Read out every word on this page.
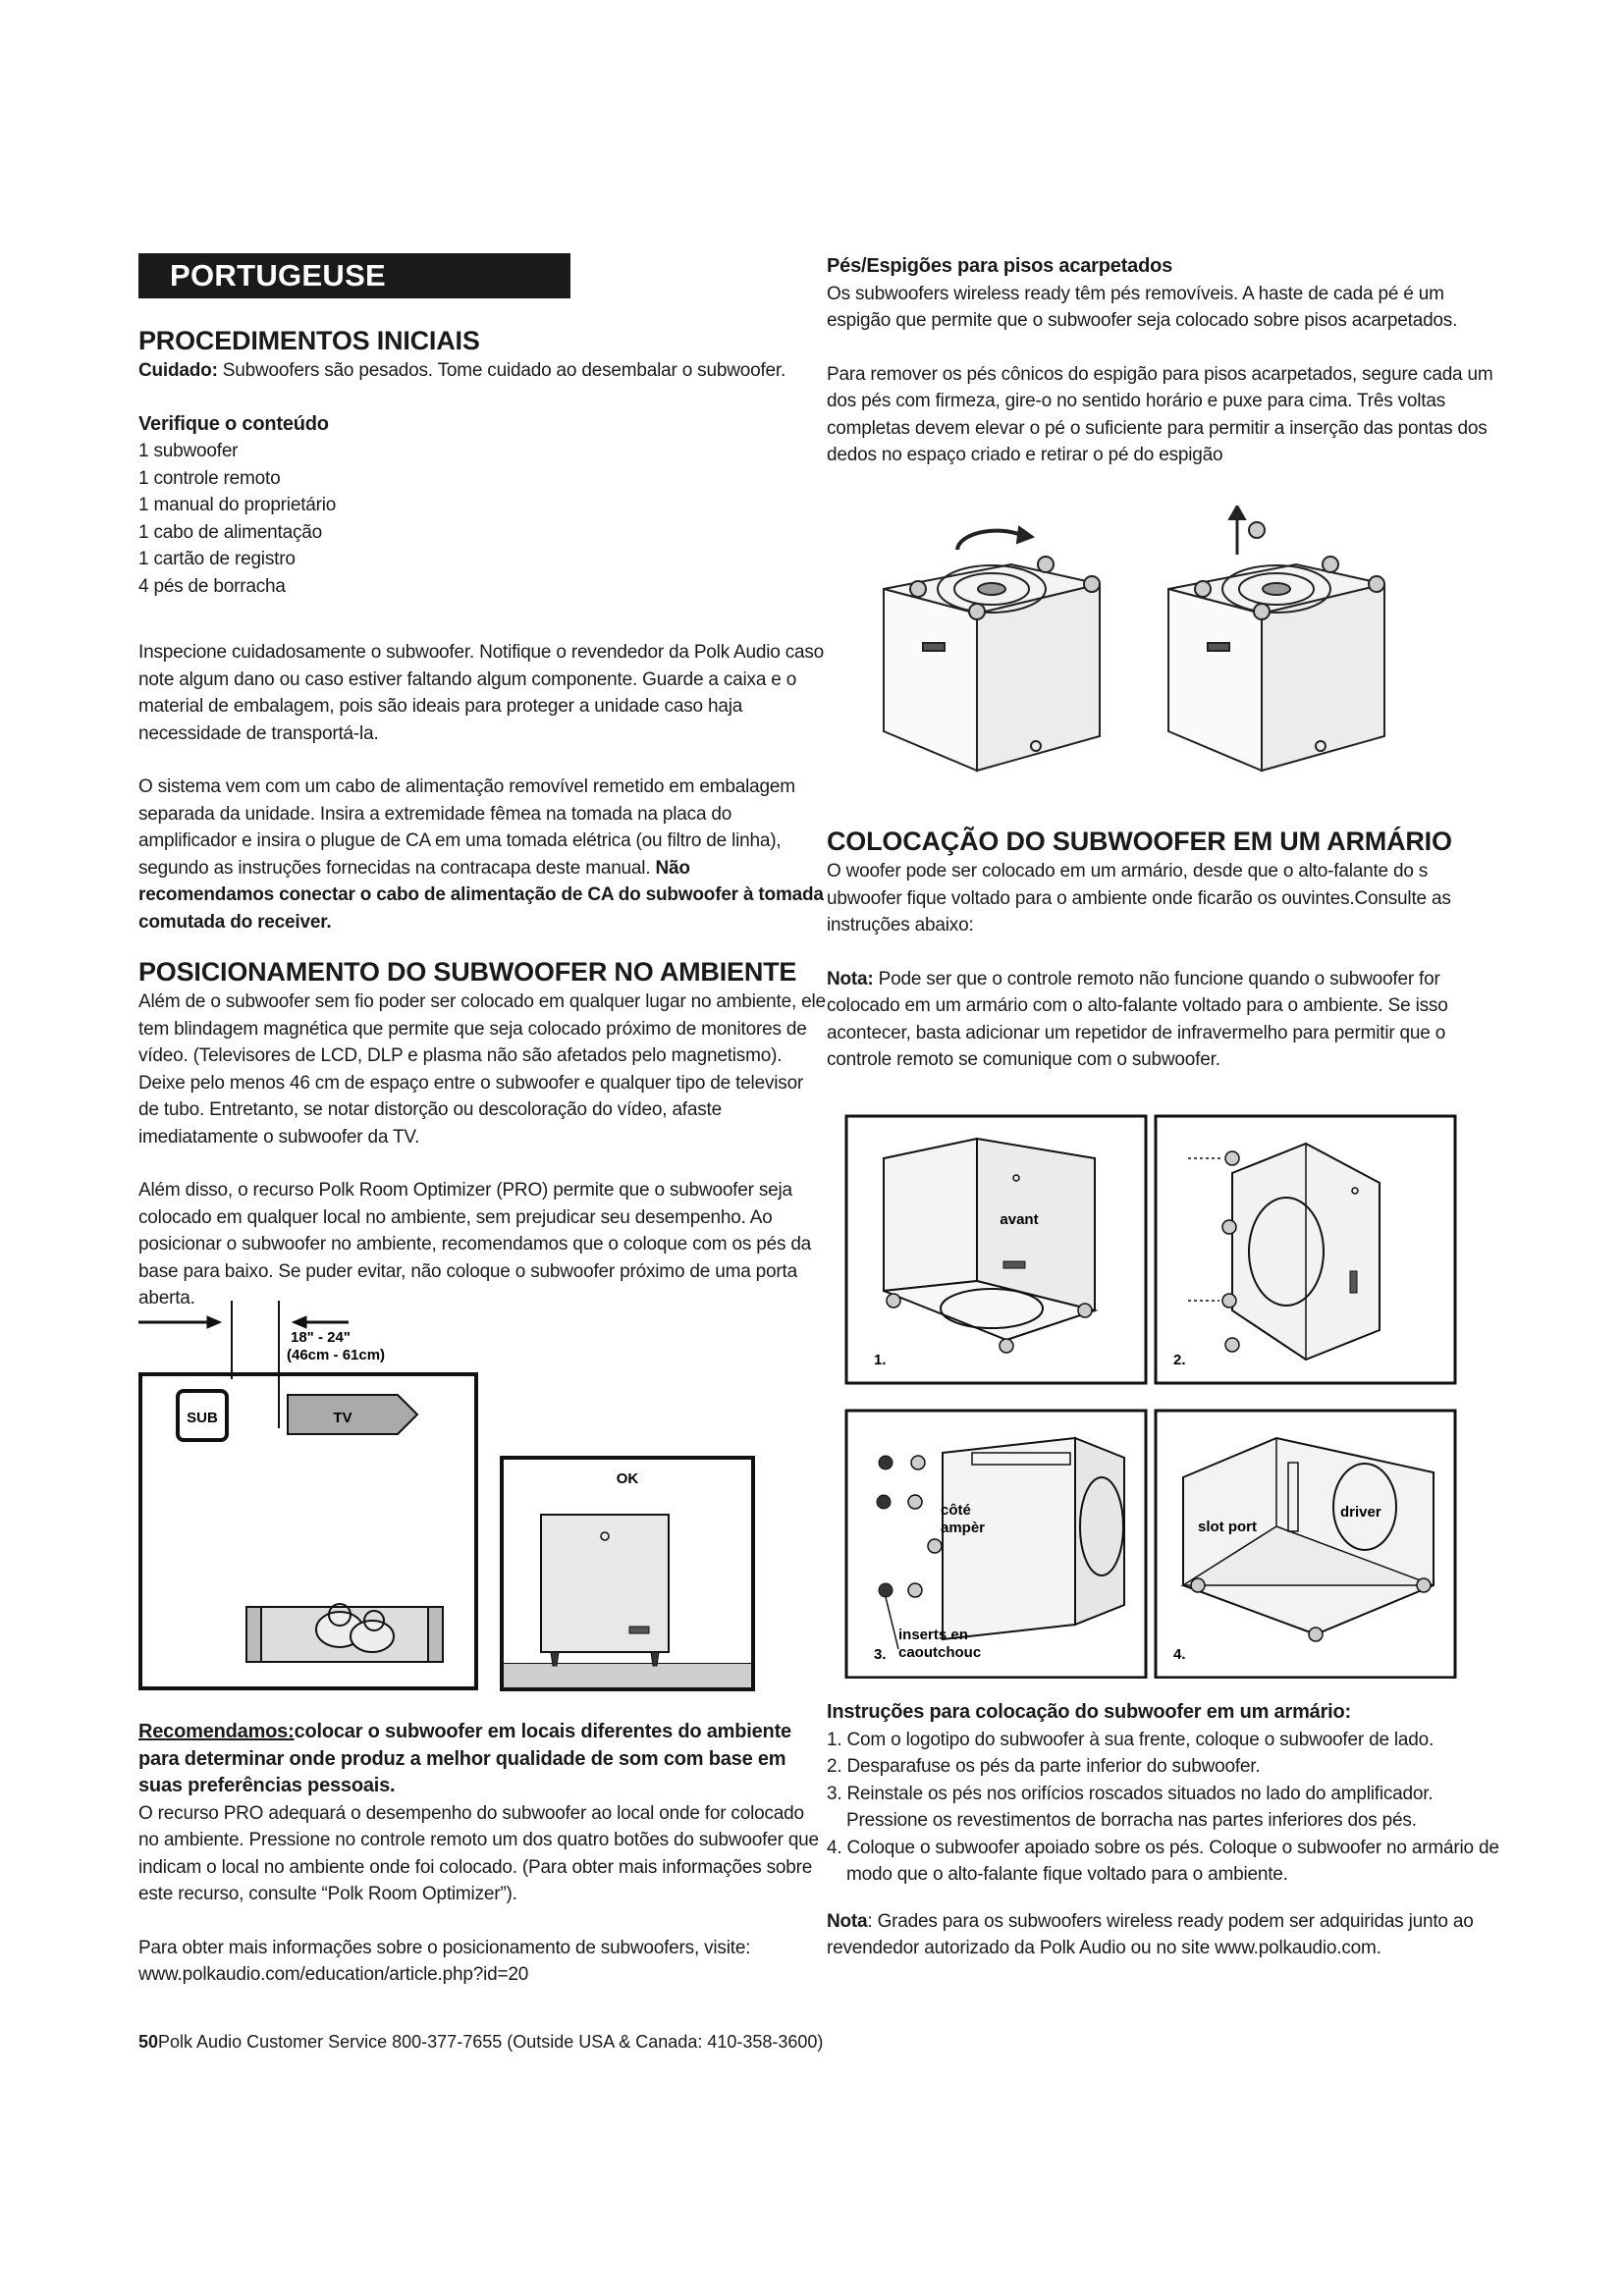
PORTUGEUSE
PROCEDIMENTOS INICIAIS

Cuidado: Subwoofers são pesados. Tome cuidado ao desembalar o subwoofer.

Verifique o conteúdo
1 subwoofer
1 controle remoto
1 manual do proprietário
1 cabo de alimentação
1 cartão de registro
4 pés de borracha

Inspecione cuidadosamente o subwoofer. Notifique o revendedor da Polk Audio caso note algum dano ou caso estiver faltando algum componente. Guarde a caixa e o material de embalagem, pois são ideais para proteger a unidade caso haja necessidade de transportá-la.

O sistema vem com um cabo de alimentação removível remetido em embalagem separada da unidade. Insira a extremidade fêmea na tomada na placa do amplificador e insira o plugue de CA em uma tomada elétrica (ou filtro de linha), segundo as instruções fornecidas na contracapa deste manual. Não recomendamos conectar o cabo de alimentação de CA do subwoofer à tomada comutada do receiver.

POSICIONAMENTO DO SUBWOOFER NO AMBIENTE

Além de o subwoofer sem fio poder ser colocado em qualquer lugar no ambiente, ele tem blindagem magnética que permite que seja colocado próximo de monitores de vídeo. (Televisores de LCD, DLP e plasma não são afetados pelo magnetismo). Deixe pelo menos 46 cm de espaço entre o subwoofer e qualquer tipo de televisor de tubo. Entretanto, se notar distorção ou descoloração do vídeo, afaste imediatamente o subwoofer da TV.

Além disso, o recurso Polk Room Optimizer (PRO) permite que o subwoofer seja colocado em qualquer local no ambiente, sem prejudicar seu desempenho. Ao posicionar o subwoofer no ambiente, recomendamos que o coloque com os pés da base para baixo. Se puder evitar, não coloque o subwoofer próximo de uma porta aberta.

Recomendamos:colocar o subwoofer em locais diferentes do ambiente para determinar onde produz a melhor qualidade de som com base em suas preferências pessoais.

O recurso PRO adequará o desempenho do subwoofer ao local onde for colocado no ambiente. Pressione no controle remoto um dos quatro botões do subwoofer que indicam o local no ambiente onde foi colocado. (Para obter mais informações sobre este recurso, consulte “Polk Room Optimizer”).

Para obter mais informações sobre o posicionamento de subwoofers, visite:

www.polkaudio.com/education/article.php?id=20

Pés/Espigões para pisos acarpetados

Os subwoofers wireless ready têm pés removíveis. A haste de cada pé é um espigão que permite que o subwoofer seja colocado sobre pisos acarpetados.

Para remover os pés cônicos do espigão para pisos acarpetados, segure cada um dos pés com firmeza, gire-o no sentido horário e puxe para cima. Três voltas completas devem elevar o pé o suficiente para permitir a inserção das pontas dos dedos no espaço criado e retirar o pé do espigão

COLOCAÇÃO DO SUBWOOFER EM UM ARMÁRIO

O woofer pode ser colocado em um armário, desde que o alto-falante do s ubwoofer fique voltado para o ambiente onde ficarão os ouvintes.Consulte as instruções abaixo:

Nota: Pode ser que o controle remoto não funcione quando o subwoofer for colocado em um armário com o alto-falante voltado para o ambiente. Se isso acontecer, basta adicionar um repetidor de infravermelho para permitir que o controle remoto se comunique com o subwoofer.

Instruções para colocação do subwoofer em um armário:
1. Com o logotipo do subwoofer à sua frente, coloque o subwoofer de lado.
2. Desparafuse os pés da parte inferior do subwoofer.
3. Reinstale os pés nos orifícios roscados situados no lado do amplificador. Pressione os revestimentos de borracha nas partes inferiores dos pés.
4. Coloque o subwoofer apoiado sobre os pés. Coloque o subwoofer no armário de modo que o alto-falante fique voltado para o ambiente.

Nota: Grades para os subwoofers wireless ready podem ser adquiridas junto ao revendedor autorizado da Polk Audio ou no site www.polkaudio.com.

18" - 24"
(46cm - 61cm)
SUB	TV
OK
1.
avant
2.
3.
côté
ampèr
inserts en
caoutchouc	4.
slot port
driver
50Polk Audio Customer Service 800-377-7655 (Outside USA & Canada: 410-358-3600)
